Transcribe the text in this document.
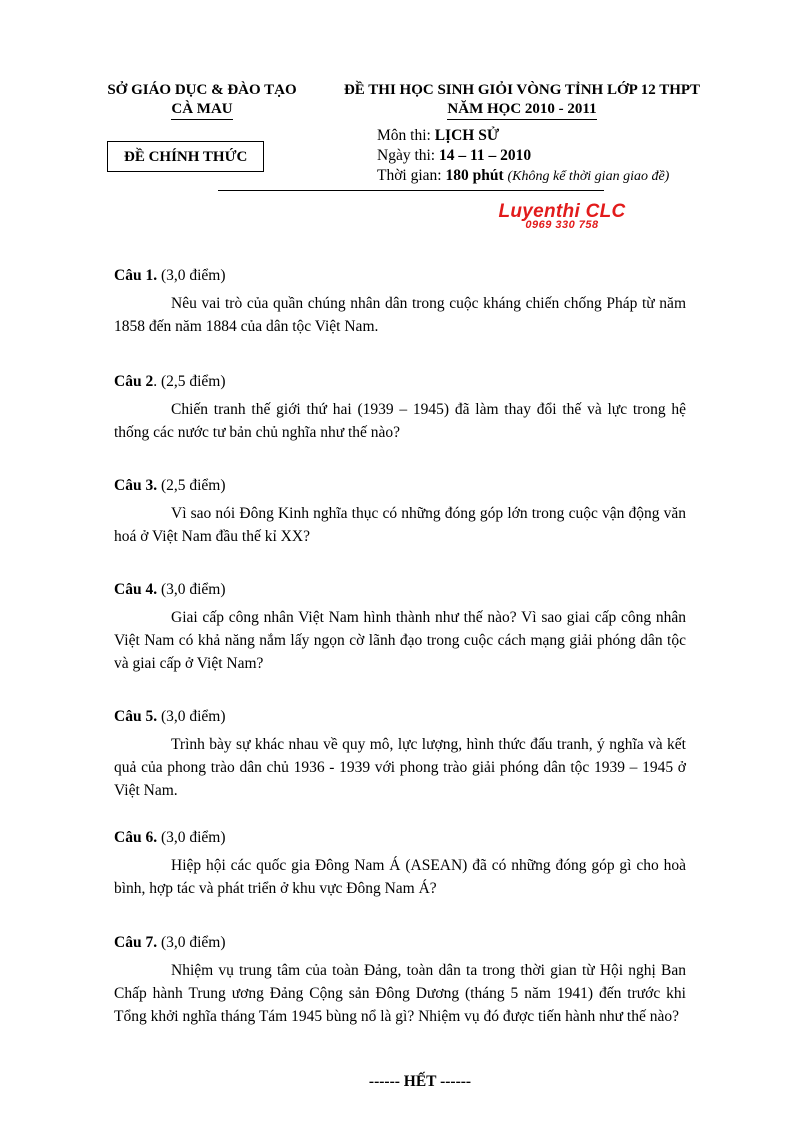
SỞ GIÁO DỤC & ĐÀO TẠO
CÀ MAU
ĐỀ THI HỌC SINH GIỎI VÒNG TỈNH LỚP 12 THPT
NĂM HỌC 2010 - 2011
ĐỀ CHÍNH THỨC
Môn thi: LỊCH SỬ
Ngày thi: 14 – 11 – 2010
Thời gian: 180 phút (Không kể thời gian giao đề)
Luyenthi CLC
0969 330 758
Câu 1. (3,0 điểm)

Nêu vai trò của quần chúng nhân dân trong cuộc kháng chiến chống Pháp từ năm 1858 đến năm 1884 của dân tộc Việt Nam.

Câu 2. (2,5 điểm)

Chiến tranh thế giới thứ hai (1939 – 1945) đã làm thay đổi thế và lực trong hệ thống các nước tư bản chủ nghĩa như thế nào?

Câu 3. (2,5 điểm)

Vì sao nói Đông Kinh nghĩa thục có những đóng góp lớn trong cuộc vận động văn hoá ở Việt Nam đầu thế kỉ XX?

Câu 4. (3,0 điểm)

Giai cấp công nhân Việt Nam hình thành như thế nào? Vì sao giai cấp công nhân Việt Nam có khả năng nắm lấy ngọn cờ lãnh đạo trong cuộc cách mạng giải phóng dân tộc và giai cấp ở Việt Nam?

Câu 5. (3,0 điểm)

Trình bày sự khác nhau về quy mô, lực lượng, hình thức đấu tranh, ý nghĩa và kết quả của phong trào dân chủ 1936 - 1939 với phong trào giải phóng dân tộc 1939 – 1945 ở Việt Nam.

Câu 6. (3,0 điểm)

Hiệp hội các quốc gia Đông Nam Á (ASEAN) đã có những đóng góp gì cho hoà bình, hợp tác và phát triển ở khu vực Đông Nam Á?

Câu 7. (3,0 điểm)

Nhiệm vụ trung tâm của toàn Đảng, toàn dân ta trong thời gian từ Hội nghị Ban Chấp hành Trung ương Đảng Cộng sản Đông Dương (tháng 5 năm 1941) đến trước khi Tổng khởi nghĩa tháng Tám 1945 bùng nổ là gì? Nhiệm vụ đó được tiến hành như thế nào?

------ HẾT ------
